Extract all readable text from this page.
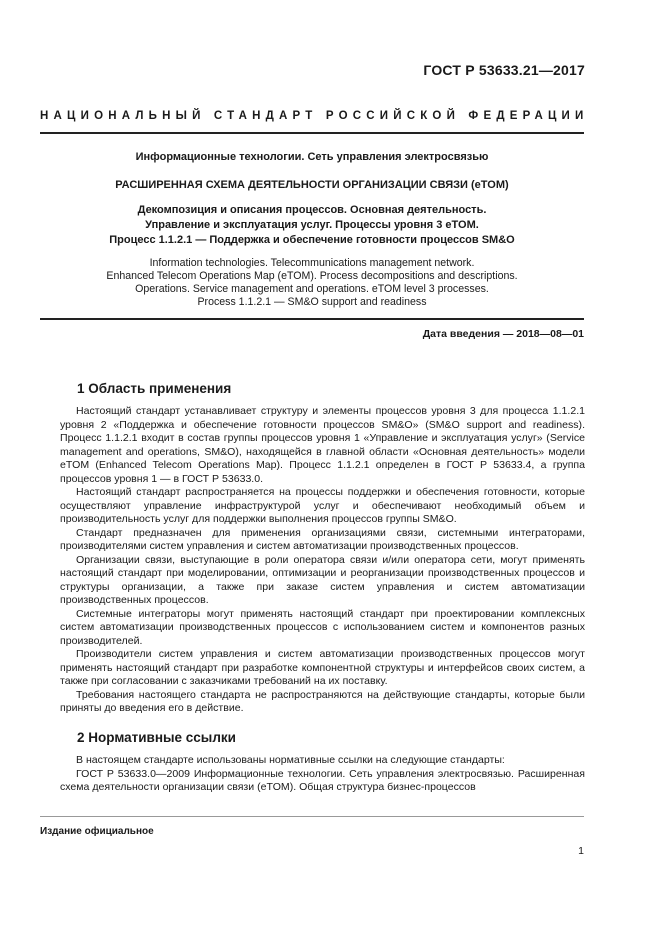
ГОСТ Р 53633.21—2017
НАЦИОНАЛЬНЫЙ СТАНДАРТ РОССИЙСКОЙ ФЕДЕРАЦИИ
Информационные технологии. Сеть управления электросвязью
РАСШИРЕННАЯ СХЕМА ДЕЯТЕЛЬНОСТИ ОРГАНИЗАЦИИ СВЯЗИ (eTOM)
Декомпозиция и описания процессов. Основная деятельность.
Управление и эксплуатация услуг. Процессы уровня 3 eTOM.
Процесс 1.1.2.1 — Поддержка и обеспечение готовности процессов SM&O
Information technologies. Telecommunications management network.
Enhanced Telecom Operations Map (eTOM). Process decompositions and descriptions.
Operations. Service management and operations. eTOM level 3 processes.
Process 1.1.2.1 — SM&O support and readiness
Дата введения — 2018—08—01
1 Область применения

Настоящий стандарт устанавливает структуру и элементы процессов уровня 3 для процесса 1.1.2.1 уровня 2 «Поддержка и обеспечение готовности процессов SM&O» (SM&O support and readiness). Процесс 1.1.2.1 входит в состав группы процессов уровня 1 «Управление и эксплуатация услуг» (Service management and operations, SM&O), находящейся в главной области «Основная деятельность» модели eTOM (Enhanced Telecom Operations Map). Процесс 1.1.2.1 определен в ГОСТ Р 53633.4, а группа процессов уровня 1 — в ГОСТ Р 53633.0.

Настоящий стандарт распространяется на процессы поддержки и обеспечения готовности, которые осуществляют управление инфраструктурой услуг и обеспечивают необходимый объем и производительность услуг для поддержки выполнения процессов группы SM&O.

Стандарт предназначен для применения организациями связи, системными интеграторами, производителями систем управления и систем автоматизации производственных процессов.

Организации связи, выступающие в роли оператора связи и/или оператора сети, могут применять настоящий стандарт при моделировании, оптимизации и реорганизации производственных процессов и структуры организации, а также при заказе систем управления и систем автоматизации производственных процессов.

Системные интеграторы могут применять настоящий стандарт при проектировании комплексных систем автоматизации производственных процессов с использованием систем и компонентов разных производителей.

Производители систем управления и систем автоматизации производственных процессов могут применять настоящий стандарт при разработке компонентной структуры и интерфейсов своих систем, а также при согласовании с заказчиками требований на их поставку.

Требования настоящего стандарта не распространяются на действующие стандарты, которые были приняты до введения его в действие.

2 Нормативные ссылки

В настоящем стандарте использованы нормативные ссылки на следующие стандарты:

ГОСТ Р 53633.0—2009 Информационные технологии. Сеть управления электросвязью. Расширенная схема деятельности организации связи (eTOM). Общая структура бизнес-процессов

Издание официальное
1
